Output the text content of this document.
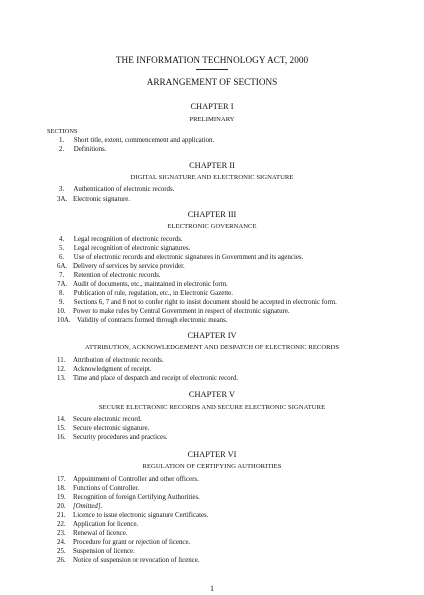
THE INFORMATION TECHNOLOGY ACT, 2000
ARRANGEMENT OF SECTIONS
CHAPTER I
PRELIMINARY
SECTIONS
1. Short title, extent, commencement and application.
2. Definitions.
CHAPTER II
DIGITAL SIGNATURE AND ELECTRONIC SIGNATURE
3. Authentication of electronic records.
3A. Electronic signature.
CHAPTER III
ELECTRONIC GOVERNANCE
4. Legal recognition of electronic records.
5. Legal recognition of electronic signatures.
6. Use of electronic records and electronic signatures in Government and its agencies.
6A. Delivery of services by service provider.
7. Retention of electronic records.
7A. Audit of documents, etc., maintained in electronic form.
8. Publication of rule, regulation, etc., in Electronic Gazette.
9. Sections 6, 7 and 8 not to confer right to insist document should be accepted in electronic form.
10. Power to make rules by Central Government in respect of electronic signature.
10A. Validity of contracts formed through electronic means.
CHAPTER IV
ATTRIBUTION, ACKNOWLEDGEMENT AND DESPATCH OF ELECTRONIC RECORDS
11. Attribution of electronic records.
12. Acknowledgment of receipt.
13. Time and place of despatch and receipt of electronic record.
CHAPTER V
SECURE ELECTRONIC RECORDS AND SECURE ELECTRONIC SIGNATURE
14. Secure electronic record.
15. Secure electronic signature.
16. Security procedures and practices.
CHAPTER VI
REGULATION OF CERTIFYING AUTHORITIES
17. Appointment of Controller and other officers.
18. Functions of Controller.
19. Recognition of foreign Certifying Authorities.
20. [Omitted].
21. Licence to issue electronic signature Certificates.
22. Application for licence.
23. Renewal of licence.
24. Procedure for grant or rejection of licence.
25. Suspension of licence.
26. Notice of suspension or revocation of licence.
1
